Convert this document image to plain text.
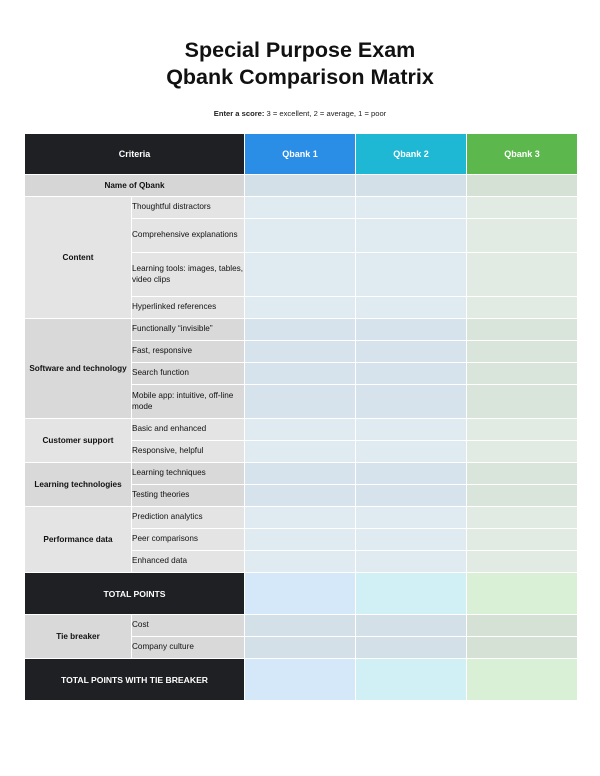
Special Purpose Exam
Qbank Comparison Matrix
Enter a score: 3 = excellent, 2 = average, 1 = poor
Criteria		Qbank 1	Qbank 2	Qbank 3
Name of Qbank				
Content	Thoughtful distractors			
	Comprehensive explanations			
	Learning tools: images, tables, video clips			
	Hyperlinked references			
Software and technology	Functionally “invisible”			
	Fast, responsive			
	Search function			
	Mobile app: intuitive, off-line mode			
Customer support	Basic and enhanced			
	Responsive, helpful			
Learning technologies	Learning techniques			
	Testing theories			
Performance data	Prediction analytics			
	Peer comparisons			
	Enhanced data			
TOTAL POINTS				
Tie breaker	Cost			
	Company culture			
TOTAL POINTS WITH TIE BREAKER				
